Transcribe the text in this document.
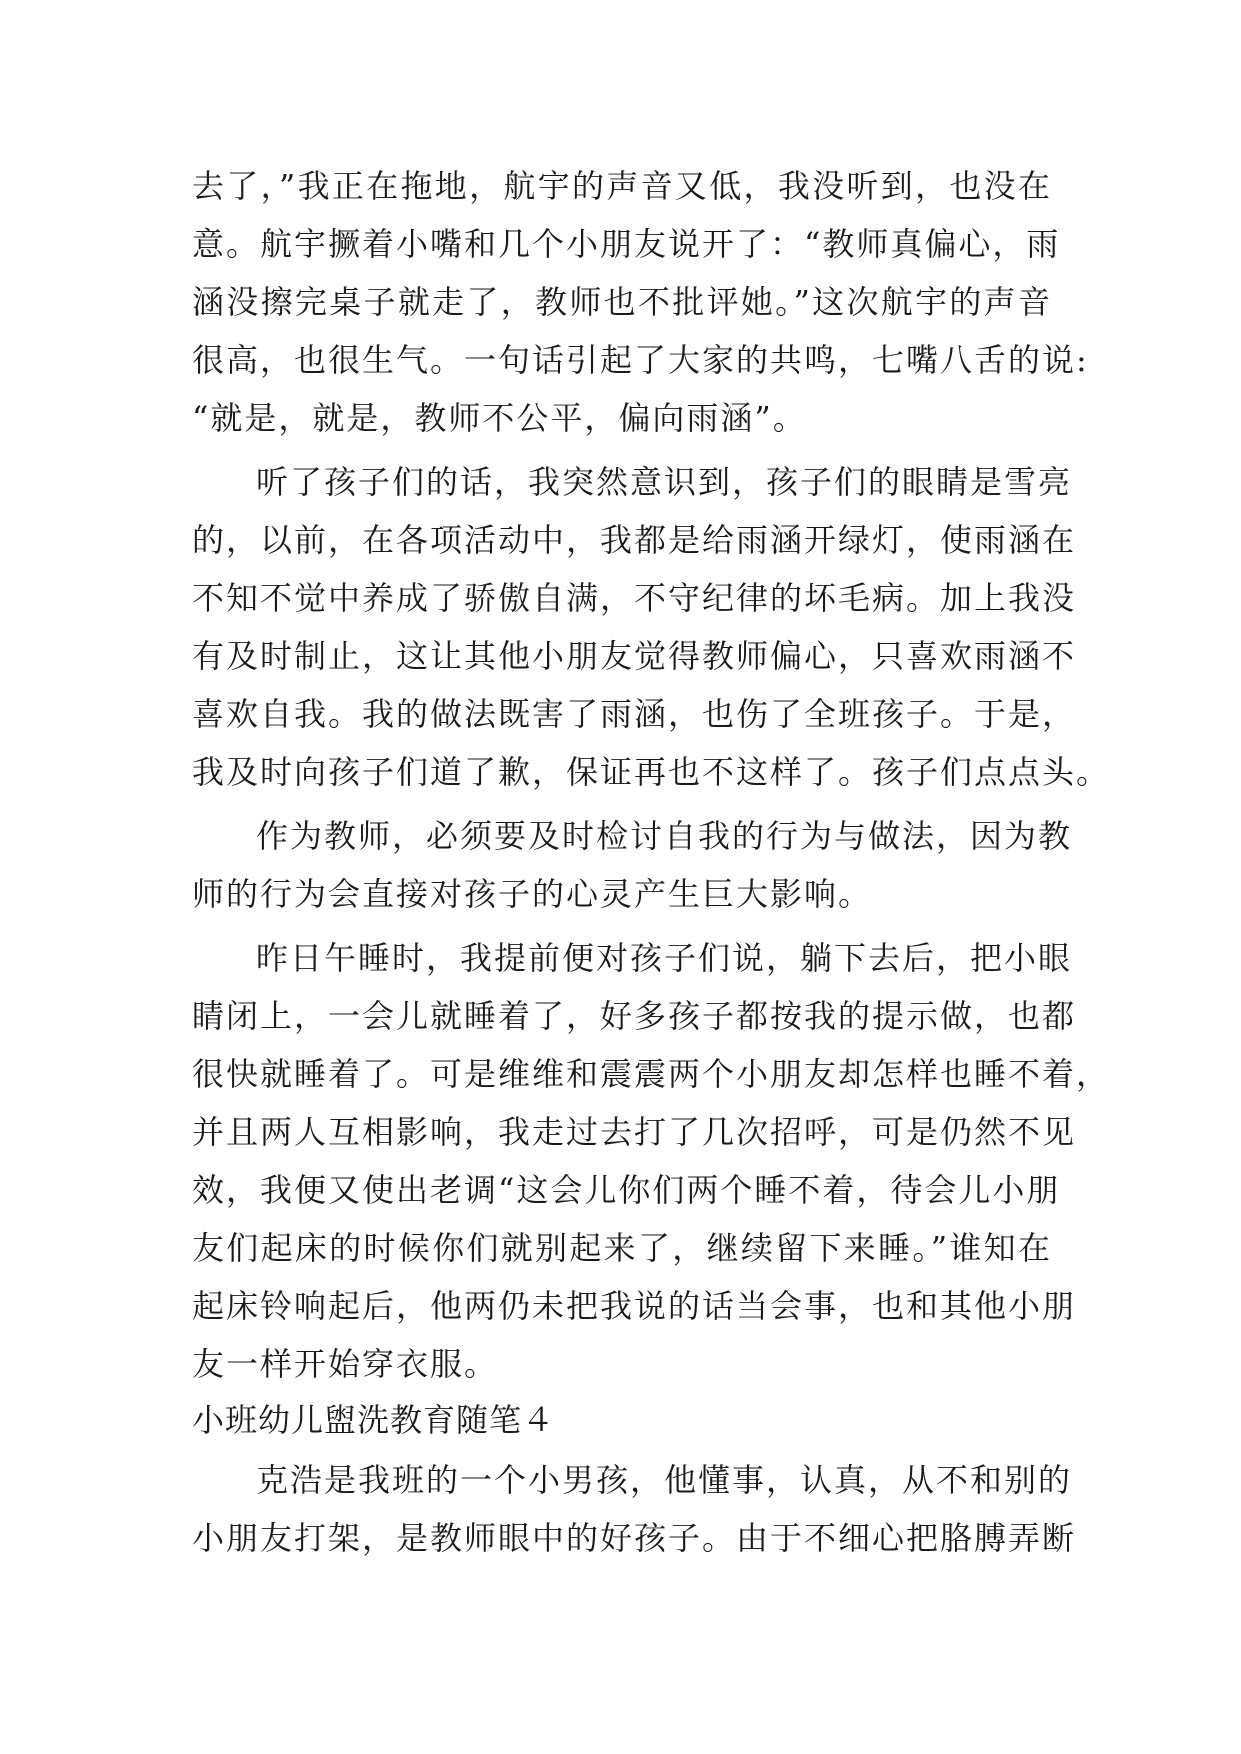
去了，”我正在拖地，航宇的声音又低，我没听到，也没在
意。航宇撅着小嘴和几个小朋友说开了：“教师真偏心，雨
涵没擦完桌子就走了，教师也不批评她。”这次航宇的声音
很高，也很生气。一句话引起了大家的共鸣，七嘴八舌的说:
“就是，就是，教师不公平，偏向雨涵”。
听了孩子们的话，我突然意识到，孩子们的眼睛是雪亮
的，以前，在各项活动中，我都是给雨涵开绿灯，使雨涵在
不知不觉中养成了骄傲自满，不守纪律的坏毛病。加上我没
有及时制止，这让其他小朋友觉得教师偏心，只喜欢雨涵不
喜欢自我。我的做法既害了雨涵，也伤了全班孩子。于是，
我及时向孩子们道了歉，保证再也不这样了。孩子们点点头。
作为教师，必须要及时检讨自我的行为与做法，因为教
师的行为会直接对孩子的心灵产生巨大影响。
昨日午睡时，我提前便对孩子们说，躺下去后，把小眼
睛闭上，一会儿就睡着了，好多孩子都按我的提示做，也都
很快就睡着了。可是维维和震震两个小朋友却怎样也睡不着，
并且两人互相影响，我走过去打了几次招呼，可是仍然不见
效，我便又使出老调“这会儿你们两个睡不着，待会儿小朋
友们起床的时候你们就别起来了，继续留下来睡。”谁知在
起床铃响起后，他两仍未把我说的话当会事，也和其他小朋
友一样开始穿衣服。
小班幼儿盥洗教育随笔４
克浩是我班的一个小男孩，他懂事，认真，从不和别的
小朋友打架，是教师眼中的好孩子。由于不细心把胳膊弄断
